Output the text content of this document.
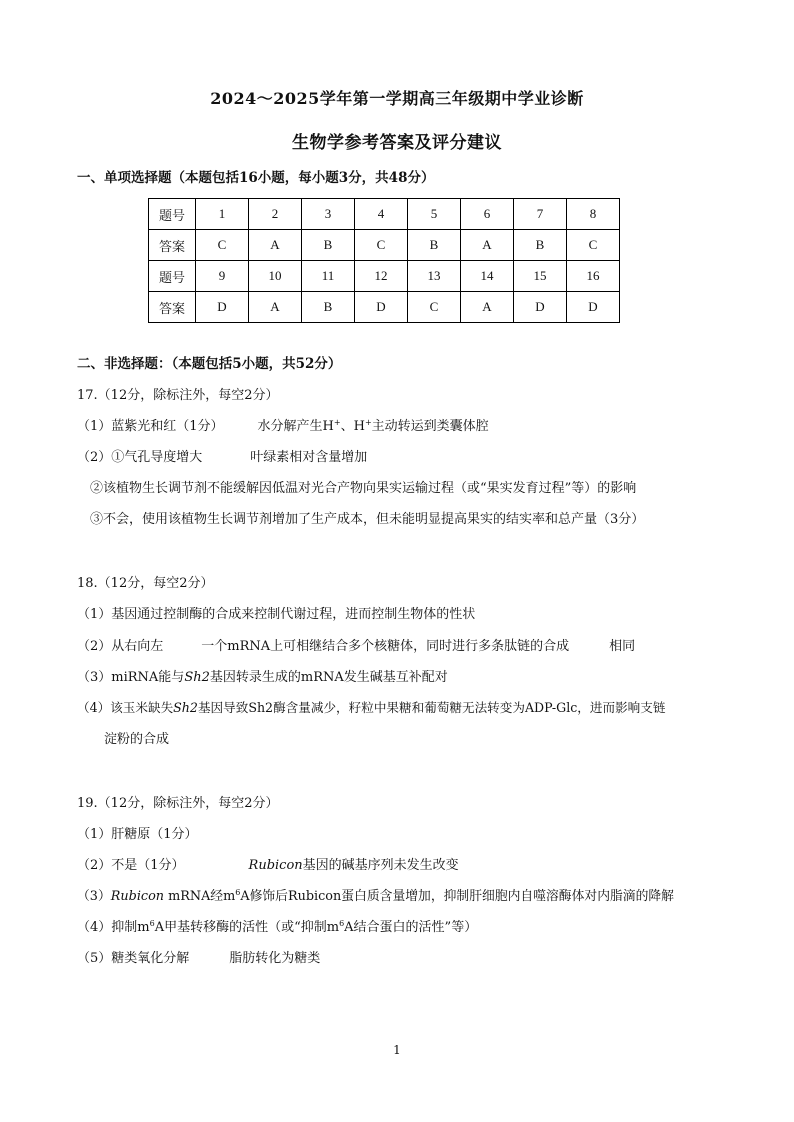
2024～2025学年第一学期高三年级期中学业诊断
生物学参考答案及评分建议
一、单项选择题（本题包括16小题，每小题3分，共48分）
题号	1	2	3	4	5	6	7	8
答案	C	A	B	C	B	A	B	C
题号	9	10	11	12	13	14	15	16
答案	D	A	B	D	C	A	D	D
二、非选择题：（本题包括5小题，共52分）
17.（12分，除标注外，每空2分）
（1）蓝紫光和红（1分）	水分解产生H+、H+主动转运到类囊体腔
（2）①气孔导度增大	叶绿素相对含量增加
②该植物生长调节剂不能缓解因低温对光合产物向果实运输过程（或“果实发育过程”等）的影响
③不会，使用该植物生长调节剂增加了生产成本，但未能明显提高果实的结实率和总产量（3分）
18.（12分，每空2分）
（1）基因通过控制酶的合成来控制代谢过程，进而控制生物体的性状
（2）从右向左	一个mRNA上可相继结合多个核糖体，同时进行多条肽链的合成	相同
（3）miRNA能与Sh2基因转录生成的mRNA发生碱基互补配对
（4）该玉米缺失Sh2基因导致Sh2酶含量减少，籽粒中果糖和葡萄糖无法转变为ADP-Glc，进而影响支链
淀粉的合成
19.（12分，除标注外，每空2分）
（1）肝糖原（1分）
（2）不是（1分）	Rubicon基因的碱基序列未发生改变
（3）Rubicon mRNA经$m^6A$修饰后Rubicon蛋白质含量增加，抑制肝细胞内自噬溶酶体对内脂滴的降解
（4）抑制$m^6A$甲基转移酶的活性（或“抑制$m^6A$结合蛋白的活性”等）
（5）糖类氧化分解	脂肪转化为糖类
1
